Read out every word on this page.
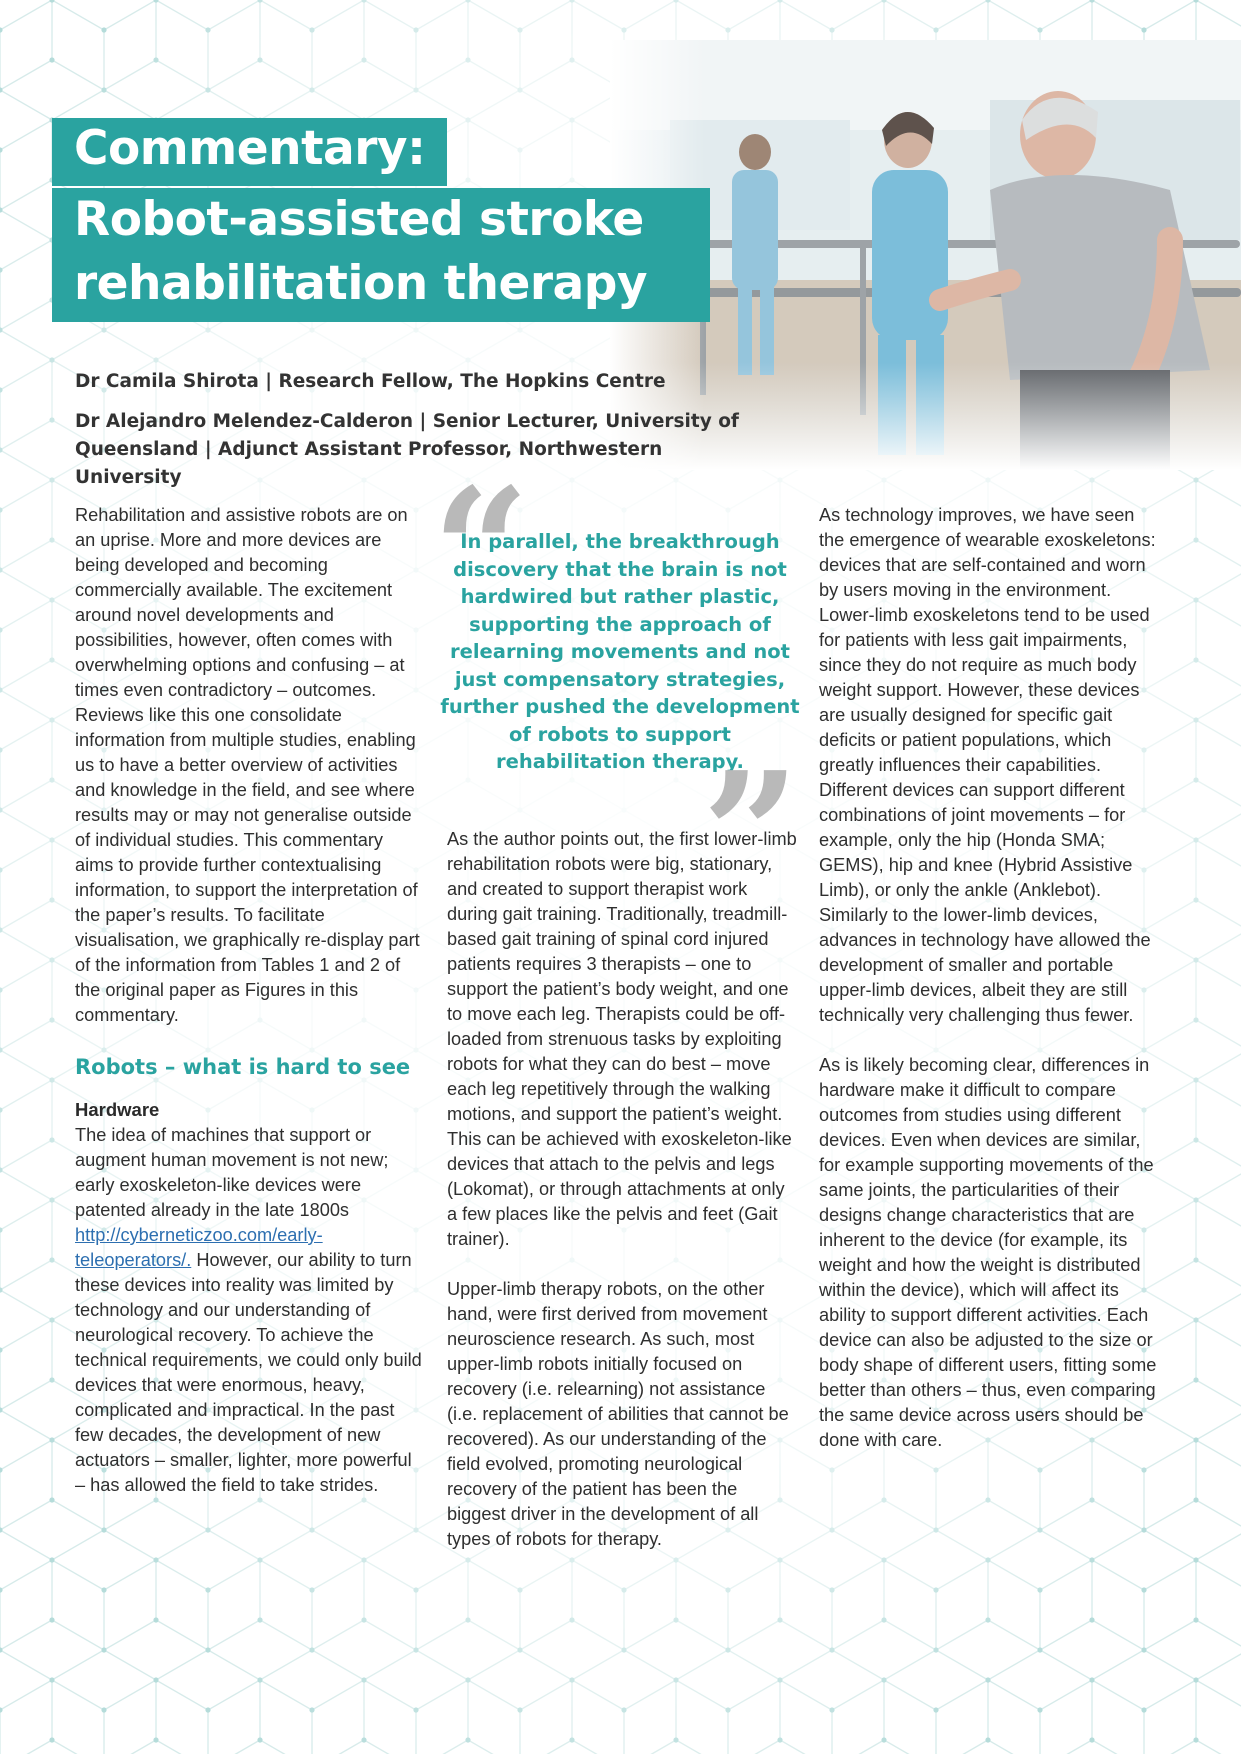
Commentary:
Robot-assisted stroke
rehabilitation therapy

Dr Camila Shirota | Research Fellow, The Hopkins Centre

Dr Alejandro Melendez-Calderon | Senior Lecturer, University of
Queensland | Adjunct Assistant Professor, Northwestern University

Rehabilitation and assistive robots are on an uprise. More and more devices are being developed and becoming commercially available. The excitement around novel developments and possibilities, however, often comes with overwhelming options and confusing – at times even contradictory – outcomes. Reviews like this one consolidate information from multiple studies, enabling us to have a better overview of activities and knowledge in the field, and see where results may or may not generalise outside of individual studies. This commentary aims to provide further contextualising information, to support the interpretation of the paper’s results. To facilitate visualisation, we graphically re-display part of the information from Tables 1 and 2 of the original paper as Figures in this commentary.

Robots – what is hard to see
Hardware

The idea of machines that support or augment human movement is not new; early exoskeleton-like devices were patented already in the late 1800s http://cyberneticzoo.com/early-teleoperators/. However, our ability to turn these devices into reality was limited by technology and our understanding of neurological recovery. To achieve the technical requirements, we could only build devices that were enormous, heavy, complicated and impractical. In the past few decades, the development of new actuators – smaller, lighter, more powerful – has allowed the field to take strides.

“
In parallel, the breakthrough discovery that the brain is not hardwired but rather plastic, supporting the approach of relearning movements and not just compensatory strategies, further pushed the development of robots to support rehabilitation therapy.
”

As the author points out, the first lower-limb rehabilitation robots were big, stationary, and created to support therapist work during gait training. Traditionally, treadmill-based gait training of spinal cord injured patients requires 3 therapists – one to support the patient’s body weight, and one to move each leg. Therapists could be off-loaded from strenuous tasks by exploiting robots for what they can do best – move each leg repetitively through the walking motions, and support the patient’s weight. This can be achieved with exoskeleton-like devices that attach to the pelvis and legs (Lokomat), or through attachments at only a few places like the pelvis and feet (Gait trainer).

Upper-limb therapy robots, on the other hand, were first derived from movement neuroscience research. As such, most upper-limb robots initially focused on recovery (i.e. relearning) not assistance (i.e. replacement of abilities that cannot be recovered). As our understanding of the field evolved, promoting neurological recovery of the patient has been the biggest driver in the development of all types of robots for therapy.

As technology improves, we have seen the emergence of wearable exoskeletons: devices that are self-contained and worn by users moving in the environment. Lower-limb exoskeletons tend to be used for patients with less gait impairments, since they do not require as much body weight support. However, these devices are usually designed for specific gait deficits or patient populations, which greatly influences their capabilities. Different devices can support different combinations of joint movements – for example, only the hip (Honda SMA; GEMS), hip and knee (Hybrid Assistive Limb), or only the ankle (Anklebot). Similarly to the lower-limb devices, advances in technology have allowed the development of smaller and portable upper-limb devices, albeit they are still technically very challenging thus fewer.

As is likely becoming clear, differences in hardware make it difficult to compare outcomes from studies using different devices. Even when devices are similar, for example supporting movements of the same joints, the particularities of their designs change characteristics that are inherent to the device (for example, its weight and how the weight is distributed within the device), which will affect its ability to support different activities. Each device can also be adjusted to the size or body shape of different users, fitting some better than others – thus, even comparing the same device across users should be done with care.
